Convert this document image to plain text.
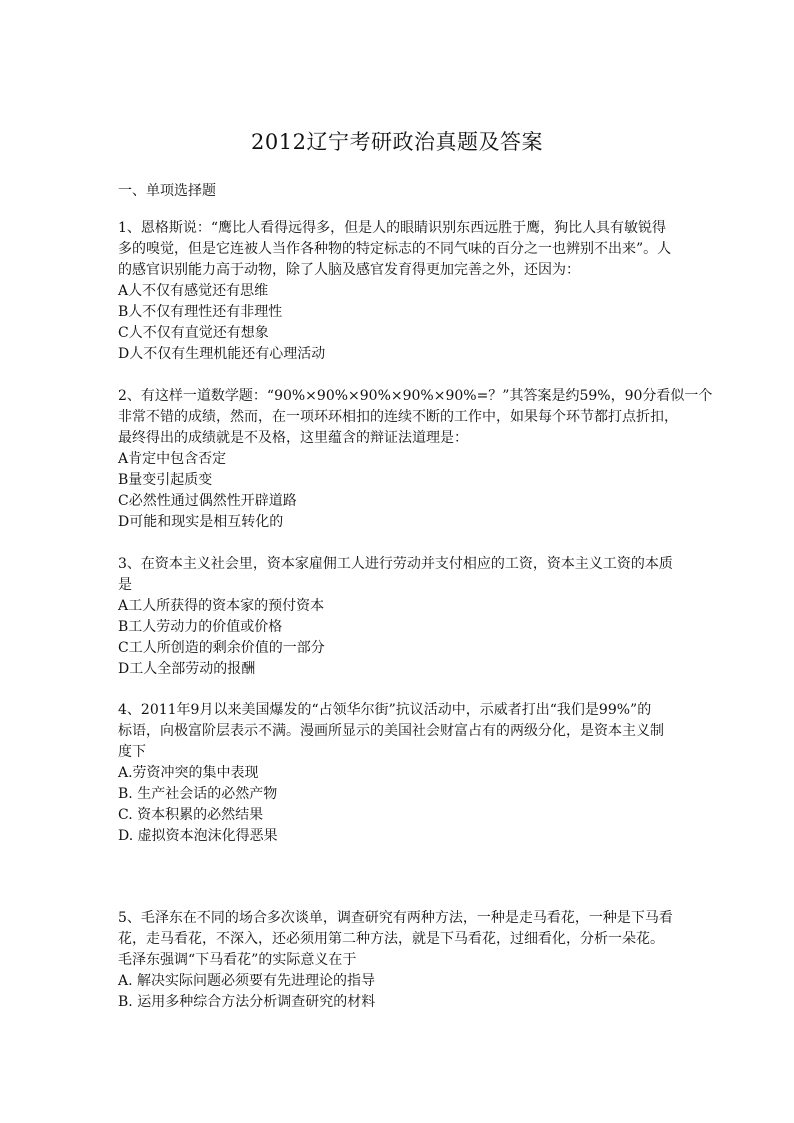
2012辽宁考研政治真题及答案
一、单项选择题
1、恩格斯说：“鹰比人看得远得多，但是人的眼睛识别东西远胜于鹰，狗比人具有敏锐得
多的嗅觉，但是它连被人当作各种物的特定标志的不同气味的百分之一也辨别不出来”。人
的感官识别能力高于动物，除了人脑及感官发育得更加完善之外，还因为：
A人不仅有感觉还有思维
B人不仅有理性还有非理性
C人不仅有直觉还有想象
D人不仅有生理机能还有心理活动
2、有这样一道数学题：“90%×90%×90%×90%×90%=？”其答案是约59%，90分看似一个
非常不错的成绩，然而，在一项环环相扣的连续不断的工作中，如果每个环节都打点折扣，
最终得出的成绩就是不及格，这里蕴含的辩证法道理是：
A肯定中包含否定
B量变引起质变
C必然性通过偶然性开辟道路
D可能和现实是相互转化的
3、在资本主义社会里，资本家雇佣工人进行劳动并支付相应的工资，资本主义工资的本质
是
A工人所获得的资本家的预付资本
B工人劳动力的价值或价格
C工人所创造的剩余价值的一部分
D工人全部劳动的报酬
4、2011年9月以来美国爆发的“占领华尔街”抗议活动中，示威者打出“我们是99%”的
标语，向极富阶层表示不满。漫画所显示的美国社会财富占有的两级分化，是资本主义制
度下
A.劳资冲突的集中表现
B. 生产社会话的必然产物
C. 资本积累的必然结果
D. 虚拟资本泡沫化得恶果
5、毛泽东在不同的场合多次谈单，调查研究有两种方法，一种是走马看花，一种是下马看
花，走马看花，不深入，还必须用第二种方法，就是下马看花，过细看化，分析一朵花。
毛泽东强调“下马看花”的实际意义在于
A. 解决实际问题必须要有先进理论的指导
B. 运用多种综合方法分析调查研究的材料
